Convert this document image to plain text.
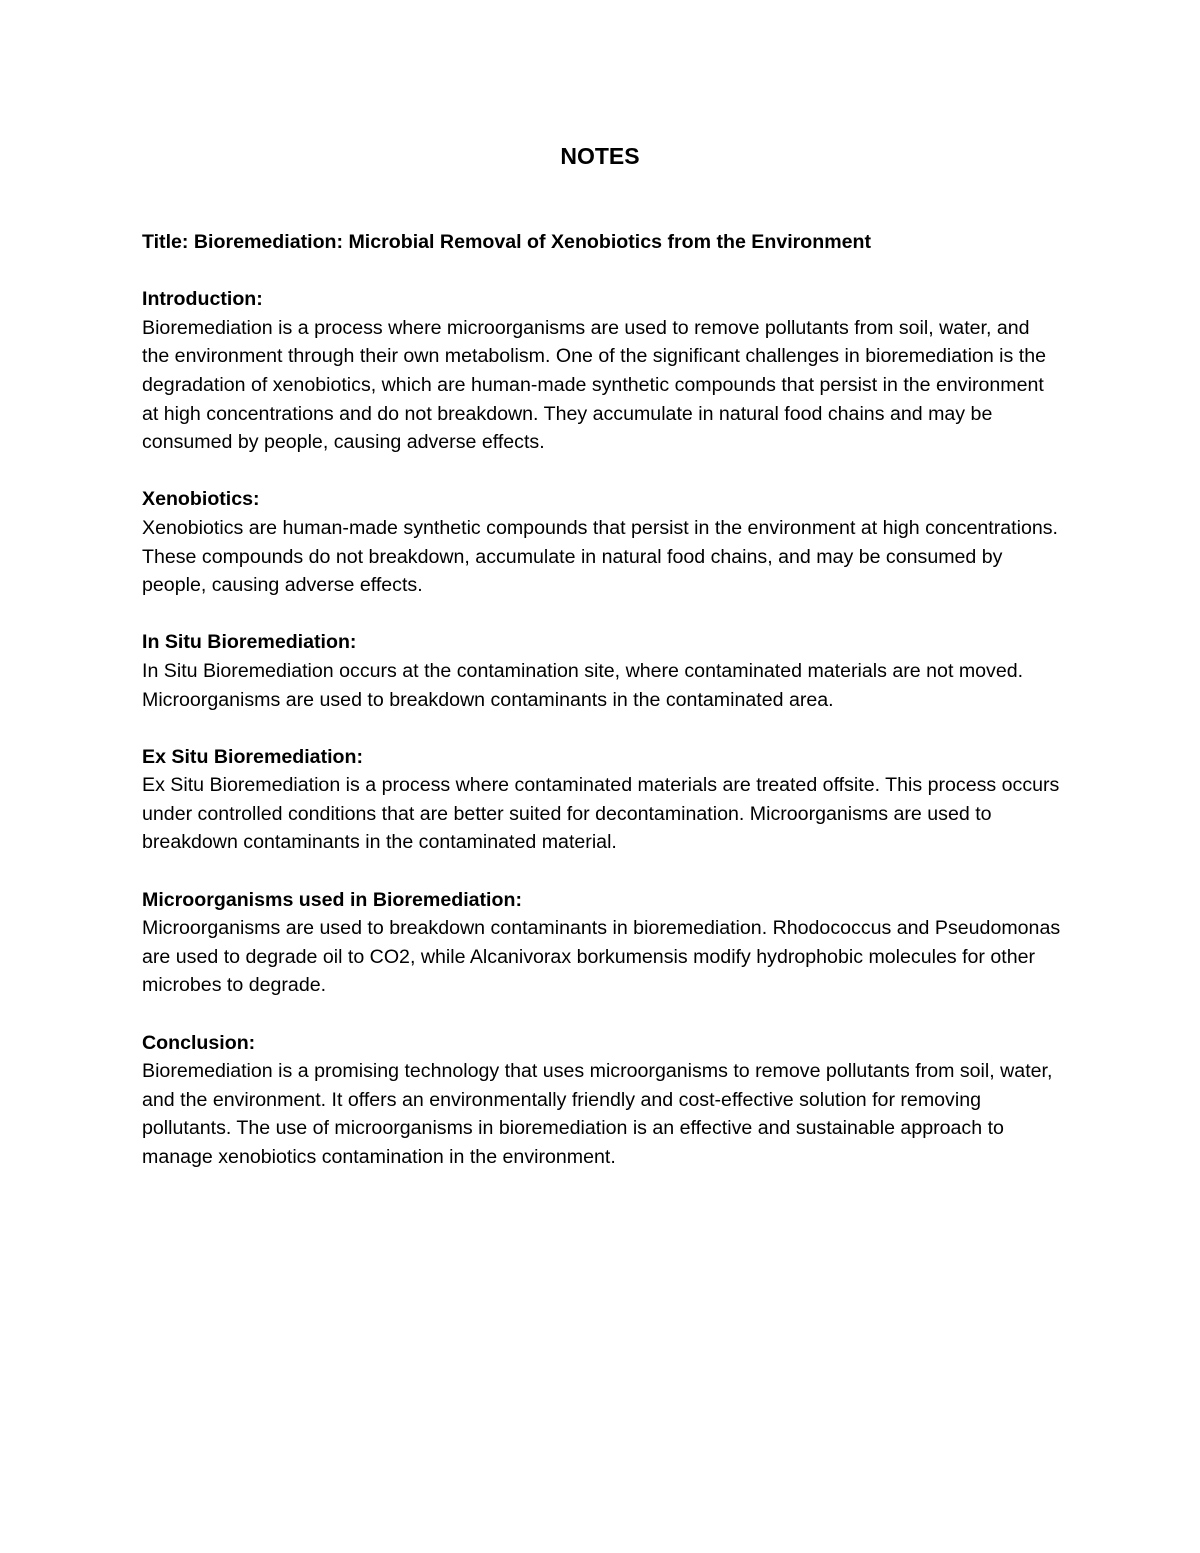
NOTES

Title: Bioremediation: Microbial Removal of Xenobiotics from the Environment

Introduction:

Bioremediation is a process where microorganisms are used to remove pollutants from soil, water, and the environment through their own metabolism. One of the significant challenges in bioremediation is the degradation of xenobiotics, which are human-made synthetic compounds that persist in the environment at high concentrations and do not breakdown. They accumulate in natural food chains and may be consumed by people, causing adverse effects.

Xenobiotics:

Xenobiotics are human-made synthetic compounds that persist in the environment at high concentrations. These compounds do not breakdown, accumulate in natural food chains, and may be consumed by people, causing adverse effects.

In Situ Bioremediation:

In Situ Bioremediation occurs at the contamination site, where contaminated materials are not moved. Microorganisms are used to breakdown contaminants in the contaminated area.

Ex Situ Bioremediation:

Ex Situ Bioremediation is a process where contaminated materials are treated offsite. This process occurs under controlled conditions that are better suited for decontamination. Microorganisms are used to breakdown contaminants in the contaminated material.

Microorganisms used in Bioremediation:

Microorganisms are used to breakdown contaminants in bioremediation. Rhodococcus and Pseudomonas are used to degrade oil to CO2, while Alcanivorax borkumensis modify hydrophobic molecules for other microbes to degrade.

Conclusion:

Bioremediation is a promising technology that uses microorganisms to remove pollutants from soil, water, and the environment. It offers an environmentally friendly and cost-effective solution for removing pollutants. The use of microorganisms in bioremediation is an effective and sustainable approach to manage xenobiotics contamination in the environment.
